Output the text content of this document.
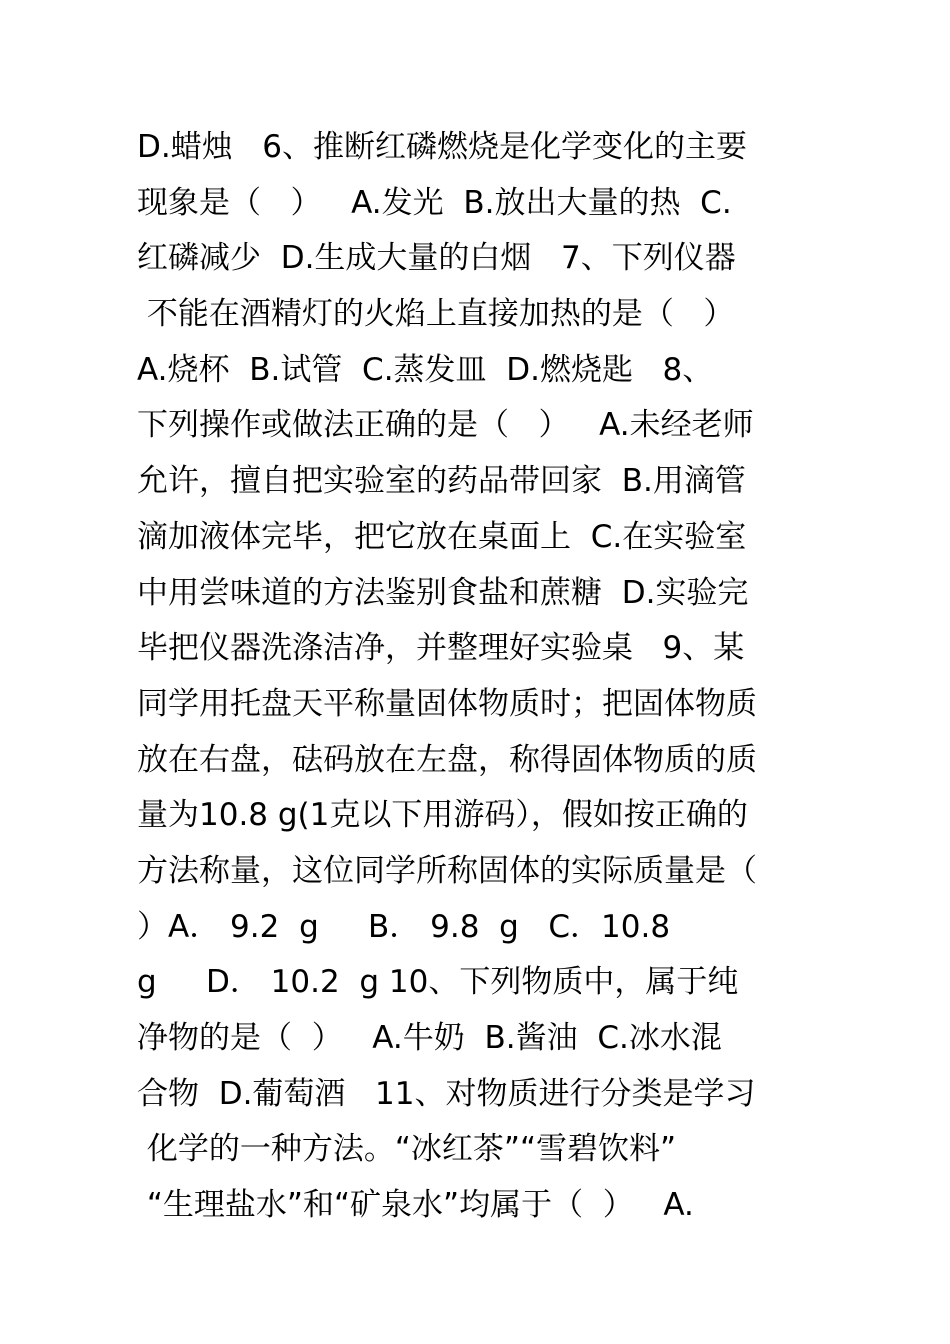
D.蜡烛   6、推断红磷燃烧是化学变化的主要
现象是（   ）   A.发光  B.放出大量的热  C.
红磷减少  D.生成大量的白烟   7、下列仪器
不能在酒精灯的火焰上直接加热的是（   ）
A.烧杯  B.试管  C.蒸发皿  D.燃烧匙   8、
下列操作或做法正确的是（   ）   A.未经老师
允许，擅自把实验室的药品带回家  B.用滴管
滴加液体完毕，把它放在桌面上  C.在实验室
中用尝味道的方法鉴别食盐和蔗糖  D.实验完
毕把仪器洗涤洁净，并整理好实验桌   9、某
同学用托盘天平称量固体物质时；把固体物质
放在右盘，砝码放在左盘，称得固体物质的质
量为10.8 g(1克以下用游码），假如按正确的
方法称量，这位同学所称固体的实际质量是（
）A． 9.2  g     B． 9.8  g   C．10.8
g     D． 10.2  g 10、下列物质中，属于纯
净物的是（  ）   A.牛奶  B.酱油  C.冰水混
合物  D.葡萄酒   11、对物质进行分类是学习
化学的一种方法。“冰红茶”“雪碧饮料”
“生理盐水”和“矿泉水”均属于（  ）   A.
